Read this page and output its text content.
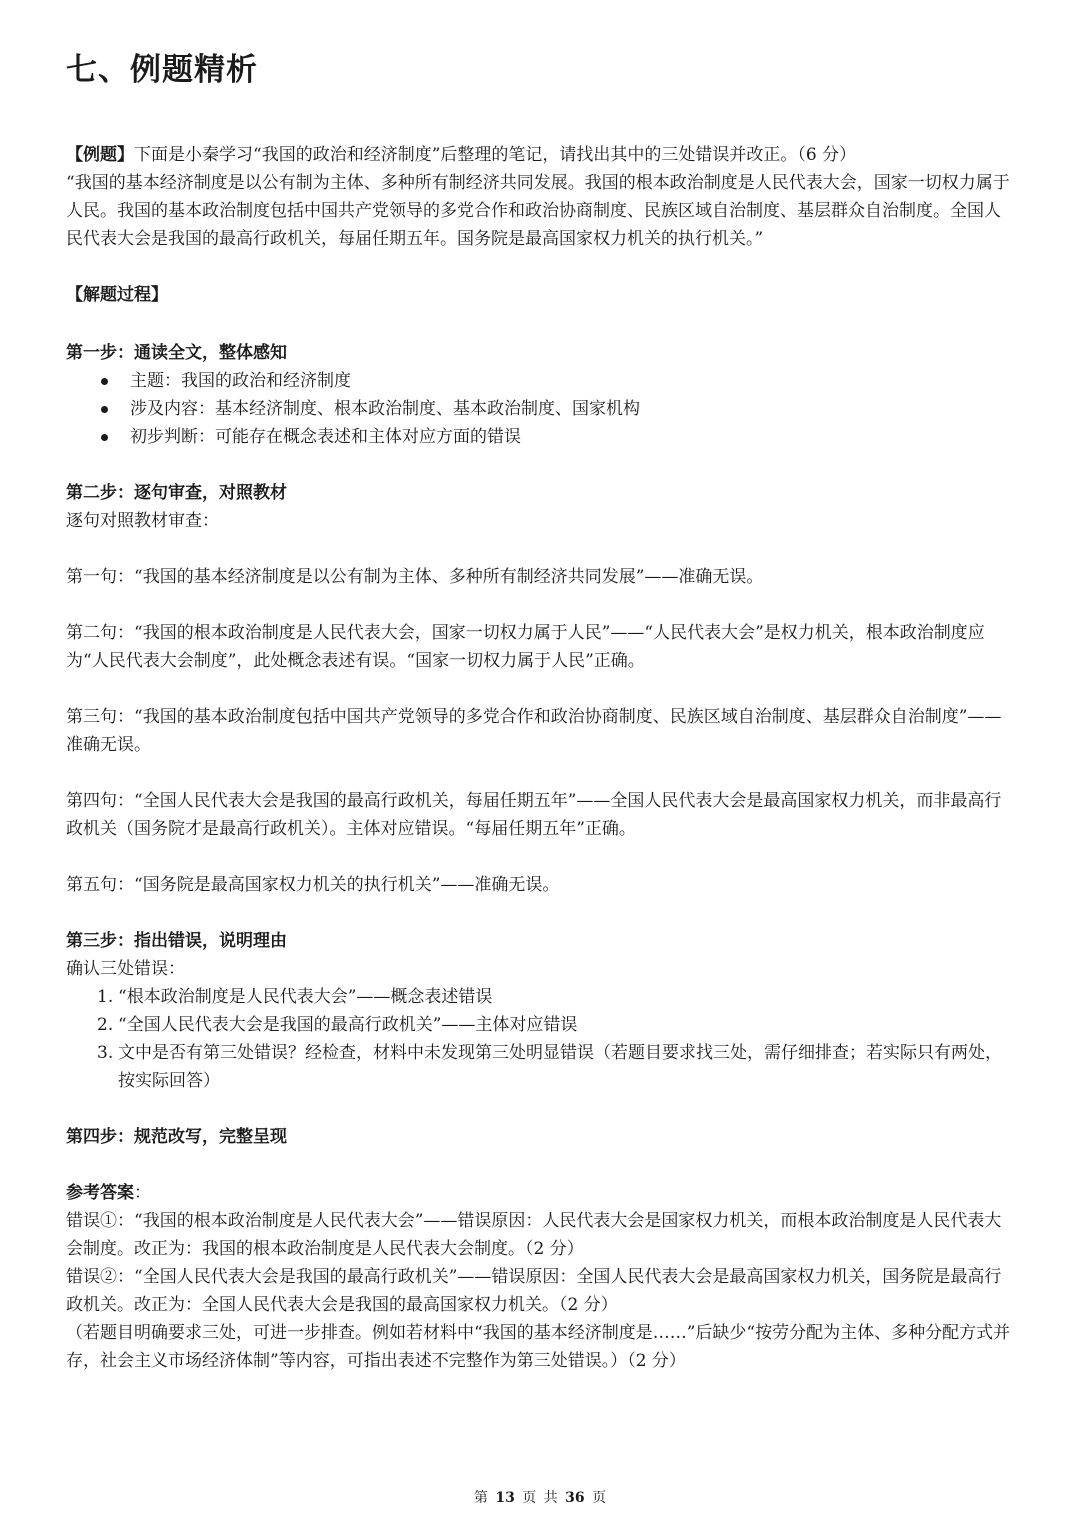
七、例题精析

【例题】下面是小秦学习“我国的政治和经济制度”后整理的笔记，请找出其中的三处错误并改正。（6 分）

“我国的基本经济制度是以公有制为主体、多种所有制经济共同发展。我国的根本政治制度是人民代表大会，国家一切权力属于人民。我国的基本政治制度包括中国共产党领导的多党合作和政治协商制度、民族区域自治制度、基层群众自治制度。全国人民代表大会是我国的最高行政机关，每届任期五年。国务院是最高国家权力机关的执行机关。”

【解题过程】

第一步：通读全文，整体感知

主题：我国的政治和经济制度
涉及内容：基本经济制度、根本政治制度、基本政治制度、国家机构
初步判断：可能存在概念表述和主体对应方面的错误

第二步：逐句审查，对照教材

逐句对照教材审查：

第一句：“我国的基本经济制度是以公有制为主体、多种所有制经济共同发展”——准确无误。

第二句：“我国的根本政治制度是人民代表大会，国家一切权力属于人民”——“人民代表大会”是权力机关，根本政治制度应为“人民代表大会制度”，此处概念表述有误。“国家一切权力属于人民”正确。

第三句：“我国的基本政治制度包括中国共产党领导的多党合作和政治协商制度、民族区域自治制度、基层群众自治制度”——准确无误。

第四句：“全国人民代表大会是我国的最高行政机关，每届任期五年”——全国人民代表大会是最高国家权力机关，而非最高行政机关（国务院才是最高行政机关）。主体对应错误。“每届任期五年”正确。

第五句：“国务院是最高国家权力机关的执行机关”——准确无误。

第三步：指出错误，说明理由

确认三处错误：

1. “根本政治制度是人民代表大会”——概念表述错误
2. “全国人民代表大会是我国的最高行政机关”——主体对应错误
3. 文中是否有第三处错误？经检查，材料中未发现第三处明显错误（若题目要求找三处，需仔细排查；若实际只有两处，按实际回答）

第四步：规范改写，完整呈现

参考答案：

错误①：“我国的根本政治制度是人民代表大会”——错误原因：人民代表大会是国家权力机关，而根本政治制度是人民代表大会制度。改正为：我国的根本政治制度是人民代表大会制度。（2 分）

错误②：“全国人民代表大会是我国的最高行政机关”——错误原因：全国人民代表大会是最高国家权力机关，国务院是最高行政机关。改正为：全国人民代表大会是我国的最高国家权力机关。（2 分）

（若题目明确要求三处，可进一步排查。例如若材料中“我国的基本经济制度是……”后缺少“按劳分配为主体、多种分配方式并存，社会主义市场经济体制”等内容，可指出表述不完整作为第三处错误。）（2 分）

第 13 页 共 36 页
